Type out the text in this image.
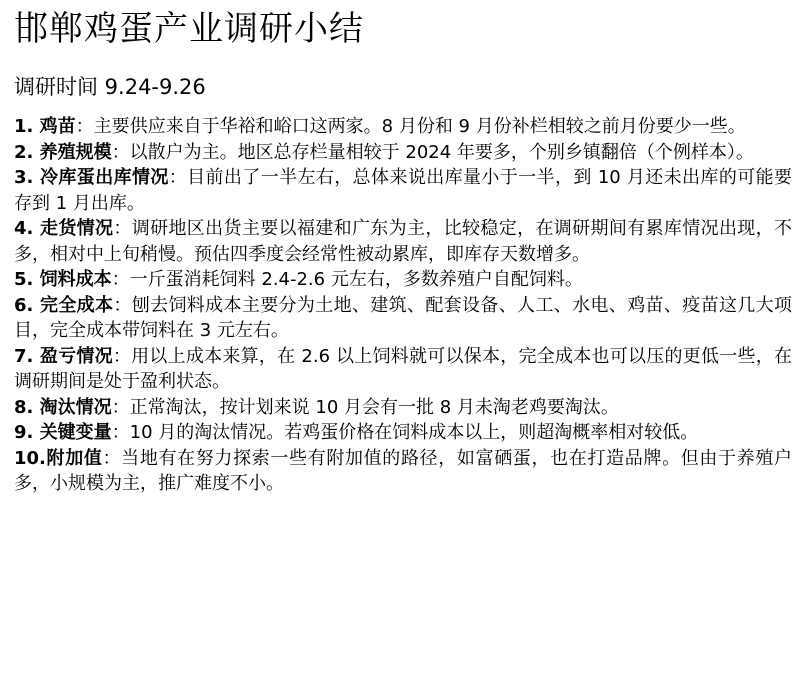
邯郸鸡蛋产业调研小结
调研时间 9.24-9.26
1. 鸡苗：主要供应来自于华裕和峪口这两家。8 月份和 9 月份补栏相较之前月份要少一些。
2. 养殖规模：以散户为主。地区总存栏量相较于 2024 年要多，个别乡镇翻倍（个例样本）。
3. 冷库蛋出库情况：目前出了一半左右，总体来说出库量小于一半，到 10 月还未出库的可能要存到 1 月出库。
4. 走货情况：调研地区出货主要以福建和广东为主，比较稳定，在调研期间有累库情况出现，不多，相对中上旬稍慢。预估四季度会经常性被动累库，即库存天数增多。
5. 饲料成本：一斤蛋消耗饲料 2.4-2.6 元左右，多数养殖户自配饲料。
6. 完全成本：刨去饲料成本主要分为土地、建筑、配套设备、人工、水电、鸡苗、疫苗这几大项目，完全成本带饲料在 3 元左右。
7. 盈亏情况：用以上成本来算，在 2.6 以上饲料就可以保本，完全成本也可以压的更低一些，在调研期间是处于盈利状态。
8. 淘汰情况：正常淘汰，按计划来说 10 月会有一批 8 月未淘老鸡要淘汰。
9. 关键变量：10 月的淘汰情况。若鸡蛋价格在饲料成本以上，则超淘概率相对较低。
10.附加值：当地有在努力探索一些有附加值的路径，如富硒蛋，也在打造品牌。但由于养殖户多，小规模为主，推广难度不小。
